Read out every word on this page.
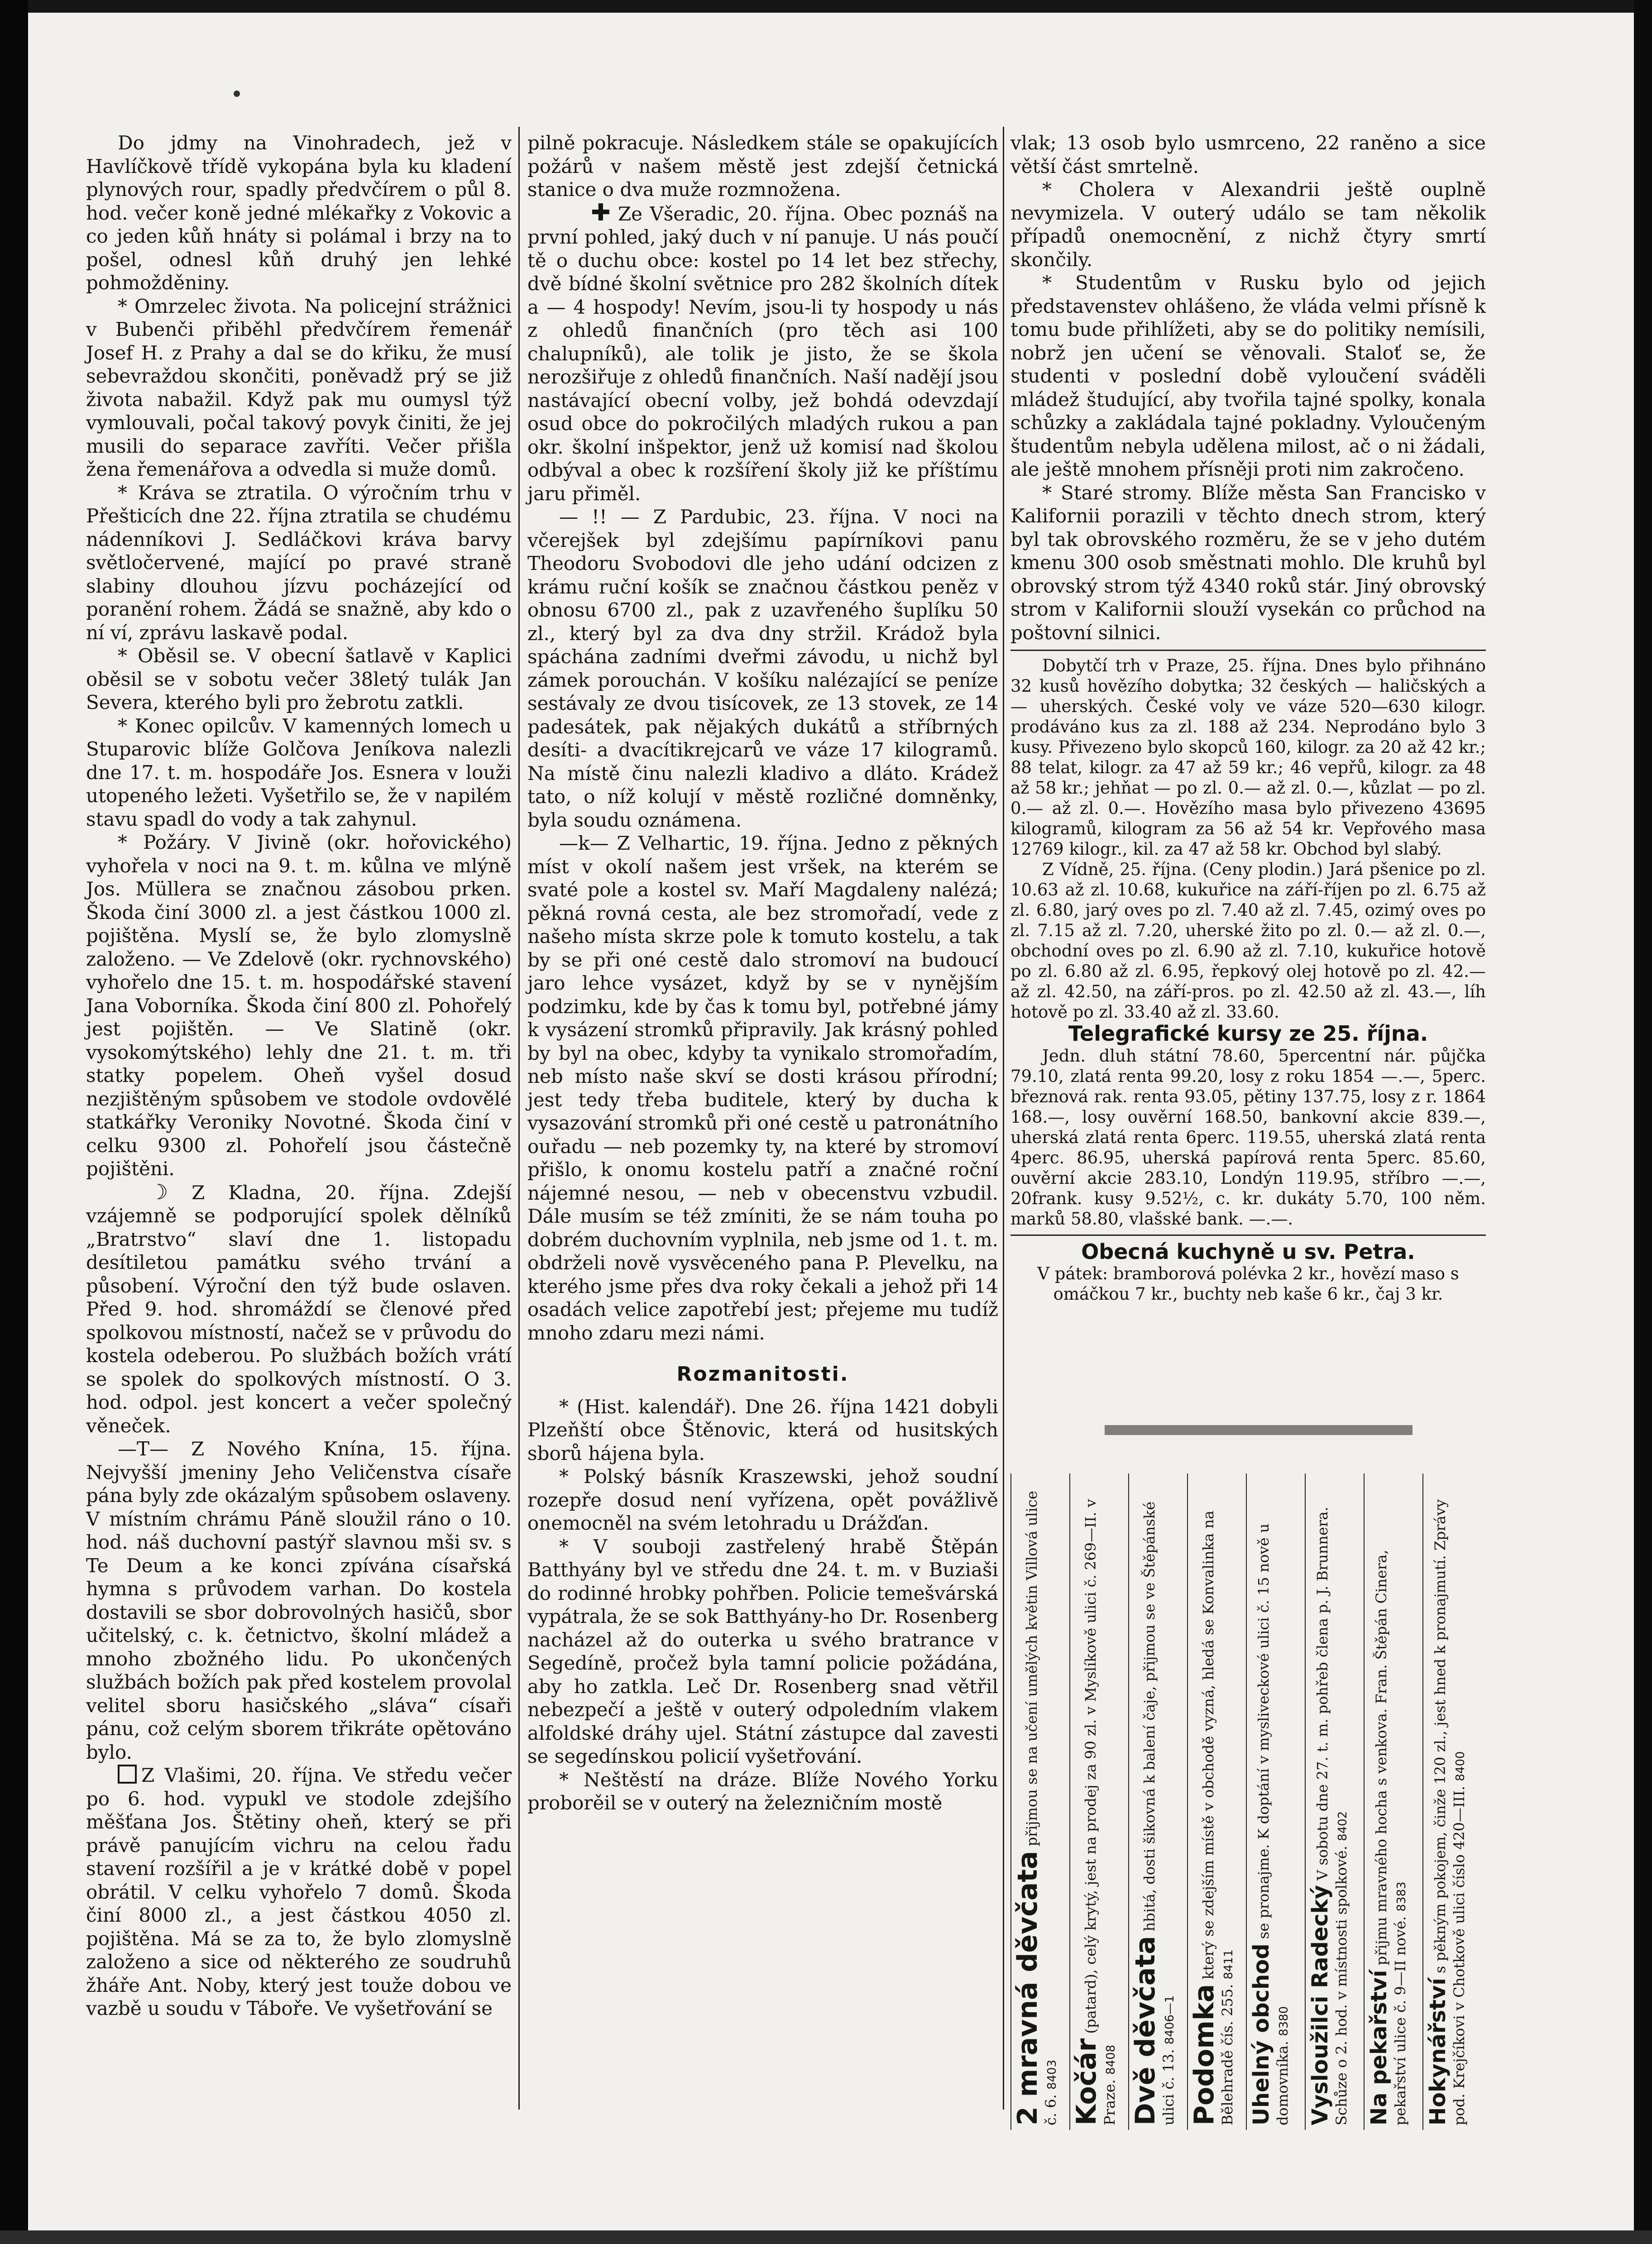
Do jdmy na Vinohradech, jež v Havlíčkově třídě vykopána byla ku kladení plynových rour, spadly předvčírem o půl 8. hod. večer koně jedné mlékařky z Vokovic a co jeden kůň hnáty si polámal i brzy na to pošel, odnesl kůň druhý jen lehké pohmožděniny.

* Omrzelec života. Na policejní strážnici v Bubenči přiběhl předvčírem řemenář Josef H. z Prahy a dal se do křiku, že musí sebevraždou skončiti, poněvadž prý se již života nabažil. Když pak mu oumysl týž vymlouvali, počal takový povyk činiti, že jej musili do separace zavříti. Večer přišla žena řemenářova a odvedla si muže domů.

* Kráva se ztratila. O výročním trhu v Přešticích dne 22. října ztratila se chudému nádenníkovi J. Sedláčkovi kráva barvy světločervené, mající po pravé straně slabiny dlouhou jízvu pocházející od poranění rohem. Žádá se snažně, aby kdo o ní ví, zprávu laskavě podal.

* Oběsil se. V obecní šatlavě v Kaplici oběsil se v sobotu večer 38letý tulák Jan Severa, kterého byli pro žebrotu zatkli.

* Konec opilcův. V kamenných lomech u Stuparovic blíže Golčova Jeníkova nalezli dne 17. t. m. hospodáře Jos. Esnera v louži utopeného ležeti. Vyšetřilo se, že v napilém stavu spadl do vody a tak zahynul.

* Požáry. V Jivině (okr. hořovického) vyhořela v noci na 9. t. m. kůlna ve mlýně Jos. Müllera se značnou zásobou prken. Škoda činí 3000 zl. a jest částkou 1000 zl. pojištěna. Myslí se, že bylo zlomyslně založeno. — Ve Zdelově (okr. rychnovského) vyhořelo dne 15. t. m. hospodářské stavení Jana Voborníka. Škoda činí 800 zl. Pohořelý jest pojištěn. — Ve Slatině (okr. vysokomýtského) lehly dne 21. t. m. tři statky popelem. Oheň vyšel dosud nezjištěným spůsobem ve stodole ovdovělé statkářky Veroniky Novotné. Škoda činí v celku 9300 zl. Pohořelí jsou částečně pojištěni.

☽ Z Kladna, 20. října. Zdejší vzájemně se podporující spolek dělníků „Bratrstvo“ slaví dne 1. listopadu desítiletou památku svého trvání a působení. Výroční den týž bude oslaven. Před 9. hod. shromáždí se členové před spolkovou místností, načež se v průvodu do kostela odeberou. Po službách božích vrátí se spolek do spolkových místností. O 3. hod. odpol. jest koncert a večer společný věneček.

—T— Z Nového Knína, 15. října. Nejvyšší jmeniny Jeho Veličenstva císaře pána byly zde okázalým spůsobem oslaveny. V místním chrámu Páně sloužil ráno o 10. hod. náš duchovní pastýř slavnou mši sv. s Te Deum a ke konci zpívána císařská hymna s průvodem varhan. Do kostela dostavili se sbor dobrovolných hasičů, sbor učitelský, c. k. četnictvo, školní mládež a mnoho zbožného lidu. Po ukončených službách božích pak před kostelem provolal velitel sboru hasičského „sláva“ císaři pánu, což celým sborem třikráte opětováno bylo.

Z Vlašimi, 20. října. Ve středu večer po 6. hod. vypukl ve stodole zdejšího měšťana Jos. Štětiny oheň, který se při právě panujícím vichru na celou řadu stavení rozšířil a je v krátké době v popel obrátil. V celku vyhořelo 7 domů. Škoda činí 8000 zl., a jest částkou 4050 zl. pojištěna. Má se za to, že bylo zlomyslně založeno a sice od některého ze soudruhů žháře Ant. Noby, který jest touže dobou ve vazbě u soudu v Táboře. Ve vyšetřování se

pilně pokracuje. Následkem stále se opakujících požárů v našem městě jest zdejší četnická stanice o dva muže rozmnožena.

✚ Ze Všeradic, 20. října. Obec poznáš na první pohled, jaký duch v ní panuje. U nás poučí tě o duchu obce: kostel po 14 let bez střechy, dvě bídné školní světnice pro 282 školních dítek a — 4 hospody! Nevím, jsou-li ty hospody u nás z ohledů finančních (pro těch asi 100 chalupníků), ale tolik je jisto, že se škola nerozšiřuje z ohledů finančních. Naší nadějí jsou nastávající obecní volby, jež bohdá odevzdají osud obce do pokročilých mladých rukou a pan okr. školní inšpektor, jenž už komisí nad školou odbýval a obec k rozšíření školy již ke příštímu jaru přiměl.

— !! — Z Pardubic, 23. října. V noci na včerejšek byl zdejšímu papírníkovi panu Theodoru Svobodovi dle jeho udání odcizen z krámu ruční košík se značnou částkou peněz v obnosu 6700 zl., pak z uzavřeného šuplíku 50 zl., který byl za dva dny stržil. Krádož byla spáchána zadními dveřmi závodu, u nichž byl zámek porouchán. V košíku nalézající se peníze sestávaly ze dvou tisícovek, ze 13 stovek, ze 14 padesátek, pak nějakých dukátů a stříbrných desíti- a dvacítikrejcarů ve váze 17 kilogramů. Na místě činu nalezli kladivo a dláto. Krádež tato, o níž kolují v městě rozličné domněnky, byla soudu oznámena.

—k— Z Velhartic, 19. října. Jedno z pěkných míst v okolí našem jest vršek, na kterém se svaté pole a kostel sv. Maří Magdaleny nalézá; pěkná rovná cesta, ale bez stromořadí, vede z našeho místa skrze pole k tomuto kostelu, a tak by se při oné cestě dalo stromoví na budoucí jaro lehce vysázet, když by se v nynějším podzimku, kde by čas k tomu byl, potřebné jámy k vysázení stromků připravily. Jak krásný pohled by byl na obec, kdyby ta vynikalo stromořadím, neb místo naše skví se dosti krásou přírodní; jest tedy třeba buditele, který by ducha k vysazování stromků při oné cestě u patronátního ouřadu — neb pozemky ty, na které by stromoví přišlo, k onomu kostelu patří a značné roční nájemné nesou, — neb v obecenstvu vzbudil. Dále musím se též zmíniti, že se nám touha po dobrém duchovním vyplnila, neb jsme od 1. t. m. obdrželi nově vysvěceného pana P. Plevelku, na kterého jsme přes dva roky čekali a jehož při 14 osadách velice zapotřebí jest; přejeme mu tudíž mnoho zdaru mezi námi.

Rozmanitosti.

* (Hist. kalendář). Dne 26. října 1421 dobyli Plzeňští obce Štěnovic, která od husitských sborů hájena byla.

* Polský básník Kraszewski, jehož soudní rozepře dosud není vyřízena, opět povážlivě onemocněl na svém letohradu u Drážďan.

* V souboji zastřelený hrabě Štěpán Batthyány byl ve středu dne 24. t. m. v Buziaši do rodinné hrobky pohřben. Policie temešvárská vypátrala, že se sok Batthyány-ho Dr. Rosenberg nacházel až do outerka u svého bratrance v Segedíně, pročež byla tamní policie požádána, aby ho zatkla. Leč Dr. Rosenberg snad větřil nebezpečí a ještě v outerý odpoledním vlakem alfoldské dráhy ujel. Státní zástupce dal zavesti se segedínskou policií vyšetřování.

* Neštěstí na dráze. Blíže Nového Yorku proborěil se v outerý na železničním mostě

vlak; 13 osob bylo usmrceno, 22 raněno a sice větší část smrtelně.

* Cholera v Alexandrii ještě ouplně nevymizela. V outerý událo se tam několik případů onemocnění, z nichž čtyry smrtí skončily.

* Studentům v Rusku bylo od jejich představenstev ohlášeno, že vláda velmi přísně k tomu bude přihlížeti, aby se do politiky nemísili, nobrž jen učení se věnovali. Staloť se, že studenti v poslední době vyloučení sváděli mládež študující, aby tvořila tajné spolky, konala schůzky a zakládala tajné pokladny. Vyloučeným študentům nebyla udělena milost, ač o ni žádali, ale ještě mnohem přísněji proti nim zakročeno.

* Staré stromy. Blíže města San Francisko v Kalifornii porazili v těchto dnech strom, který byl tak obrovského rozměru, že se v jeho dutém kmenu 300 osob směstnati mohlo. Dle kruhů byl obrovský strom týž 4340 roků stár. Jiný obrovský strom v Kalifornii slouží vysekán co průchod na poštovní silnici.

Dobytčí trh v Praze, 25. října. Dnes bylo přihnáno 32 kusů hovězího dobytka; 32 českých — haličských a — uherských. České voly ve váze 520—630 kilogr. prodáváno kus za zl. 188 až 234. Neprodáno bylo 3 kusy. Přivezeno bylo skopců 160, kilogr. za 20 až 42 kr.; 88 telat, kilogr. za 47 až 59 kr.; 46 vepřů, kilogr. za 48 až 58 kr.; jehňat — po zl. 0.— až zl. 0.—, kůzlat — po zl. 0.— až zl. 0.—. Hovězího masa bylo přivezeno 43695 kilogramů, kilogram za 56 až 54 kr. Vepřového masa 12769 kilogr., kil. za 47 až 58 kr. Obchod byl slabý.

Z Vídně, 25. října. (Ceny plodin.) Jará pšenice po zl. 10.63 až zl. 10.68, kukuřice na září-říjen po zl. 6.75 až zl. 6.80, jarý oves po zl. 7.40 až zl. 7.45, ozimý oves po zl. 7.15 až zl. 7.20, uherské žito po zl. 0.— až zl. 0.—, obchodní oves po zl. 6.90 až zl. 7.10, kukuřice hotově po zl. 6.80 až zl. 6.95, řepkový olej hotově po zl. 42.— až zl. 42.50, na září-pros. po zl. 42.50 až zl. 43.—, líh hotově po zl. 33.40 až zl. 33.60.

Telegrafické kursy ze 25. října.

Jedn. dluh státní 78.60, 5percentní nár. půjčka 79.10, zlatá renta 99.20, losy z roku 1854 —.—, 5perc. březnová rak. renta 93.05, pětiny 137.75, losy z r. 1864 168.—, losy ouvěrní 168.50, bankovní akcie 839.—, uherská zlatá renta 6perc. 119.55, uherská zlatá renta 4perc. 86.95, uherská papírová renta 5perc. 85.60, ouvěrní akcie 283.10, Londýn 119.95, stříbro —.—, 20frank. kusy 9.52½, c. kr. dukáty 5.70, 100 něm. marků 58.80, vlašské bank. —.—.

Obecná kuchyně u sv. Petra.

V pátek: bramborová polévka 2 kr., hovězí maso s omáčkou 7 kr., buchty neb kaše 6 kr., čaj 3 kr.

2 mravná děvčata přijmou se na učení umělých květin Villová ulice č. 6. 8403 Kočár (patard), celý krytý, jest na prodej za 90 zl. v Myslíkově ulici č. 269—II. v Praze. 8408 Dvě děvčata hbitá, dosti šikovná k balení čaje, přijmou se ve Štěpánské ulici č. 13. 8406—1 Podomka který se zdejším místě v obchodě vyzná, hledá se Konvalinka na Bělehradě čís. 255. 8411 Uhelný obchod se pronajme. K doptání v mysliveckové ulici č. 15 nově u domovníka. 8380 Vysloužilci Radecký V sobotu dne 27. t. m. pohřeb člena p. J. Brunnera. Schůze o 2. hod. v místnosti spolkové. 8402
Na pekařství přijmu mravného hocha s venkova. Fran. Štěpán Cinera, pekařství ulice č. 9—II nové. 8383
Hokynářství s pěkným pokojem, činže 120 zl., jest hned k pronajmutí. Zprávy pod. Krejčíkovi v Chotkově ulici číslo 420—III. 8400
